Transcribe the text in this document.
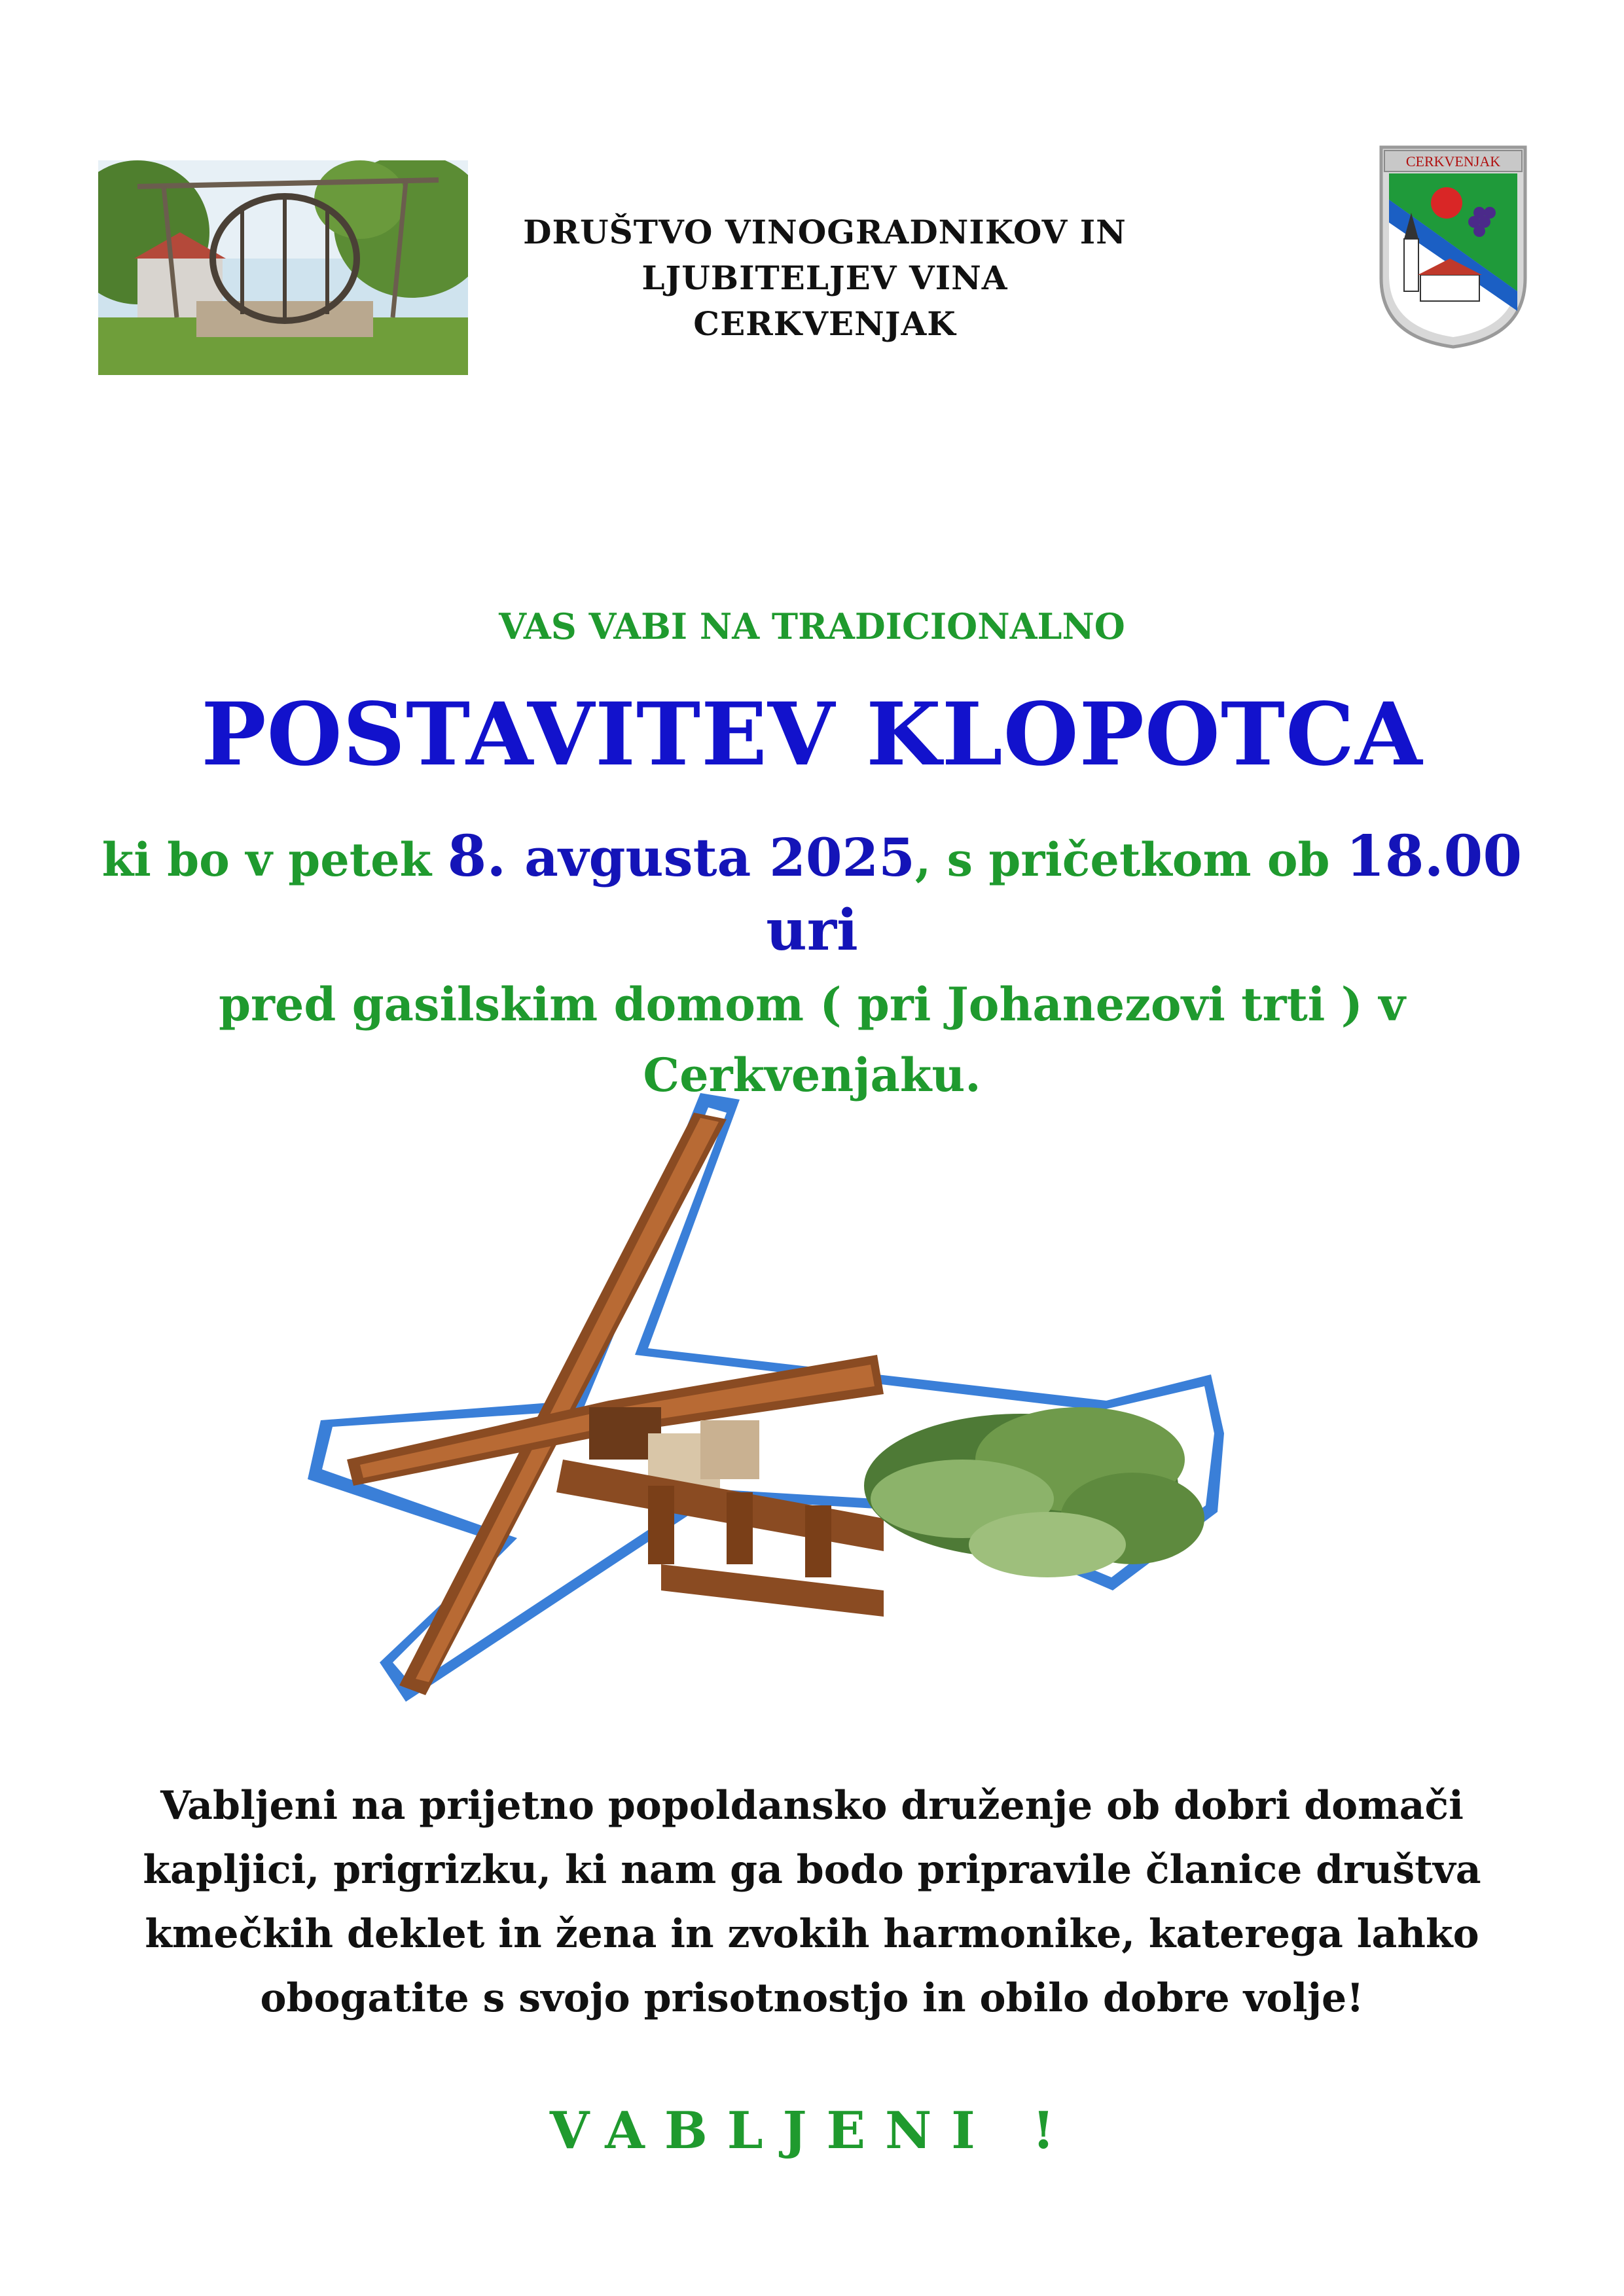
DRUŠTVO VINOGRADNIKOV IN
LJUBITELJEV VINA
CERKVENJAK
CERKVENJAK
VAS VABI NA TRADICIONALNO
POSTAVITEV KLOPOTCA
ki bo v petek 8. avgusta 2025, s pričetkom ob 18.00 uri
pred gasilskim domom ( pri Johanezovi trti ) v
Cerkvenjaku.
Vabljeni na prijetno popoldansko druženje ob dobri domači
kapljici, prigrizku, ki nam ga bodo pripravile članice društva
kmečkih deklet in žena in zvokih harmonike, katerega lahko
obogatite s svojo prisotnostjo in obilo dobre volje!
VABLJENI !
